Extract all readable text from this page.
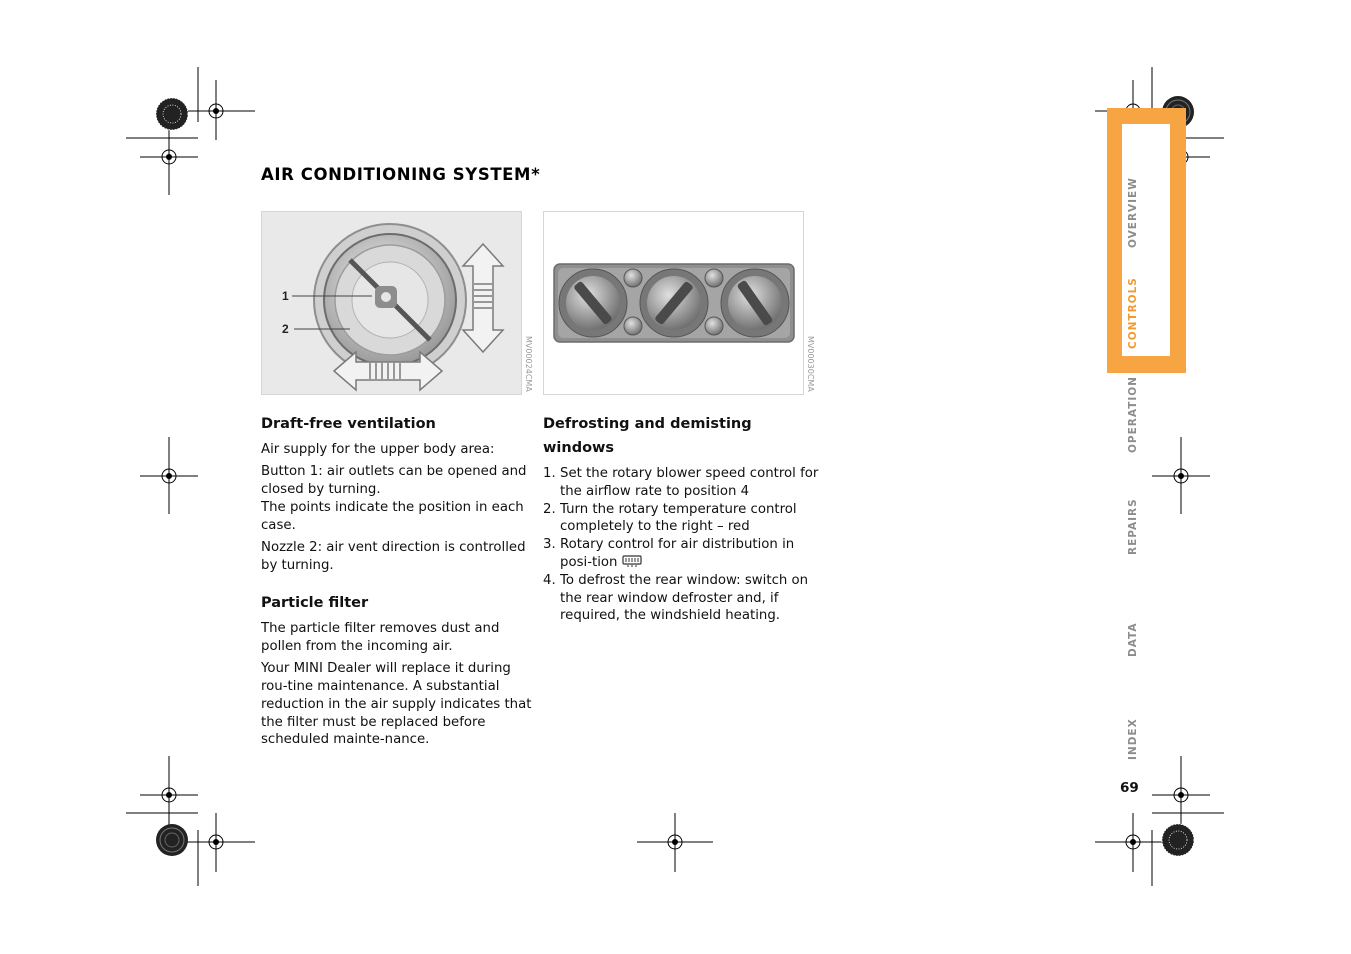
AIR CONDITIONING SYSTEM*
1
2
MV00024CMA	MV00030CMA
Draft-free ventilation

Air supply for the upper body area:

Button 1: air outlets can be opened and closed by turning.
The points indicate the position in each case.

Nozzle 2: air vent direction is controlled by turning.

Particle filter

The particle filter removes dust and pollen from the incoming air.

Your MINI Dealer will replace it during rou-tine maintenance. A substantial reduction in the air supply indicates that the filter must be replaced before scheduled mainte-nance.

Defrosting and demisting windows
1. Set the rotary blower speed control for the airflow rate to position 4
2. Turn the rotary temperature control completely to the right – red
3. Rotary control for air distribution in posi-tion
4. To defrost the rear window: switch on the rear window defroster and, if required, the windshield heating.
OVERVIEW
CONTROLS
OPERATION
REPAIRS
DATA
INDEX
69
